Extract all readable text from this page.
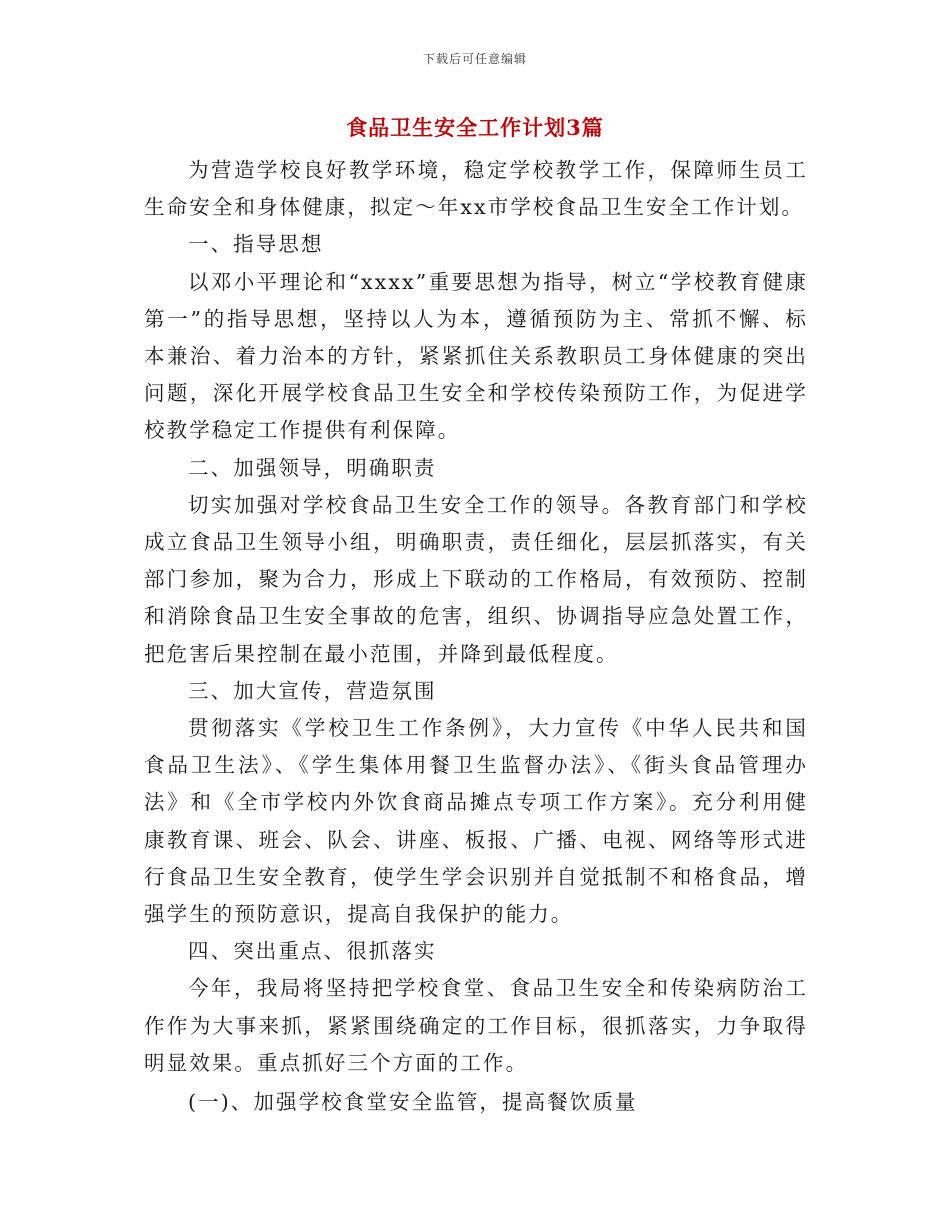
下载后可任意编辑
食品卫生安全工作计划3篇

为营造学校良好教学环境，稳定学校教学工作，保障师生员工生命安全和身体健康，拟定～年xx市学校食品卫生安全工作计划。

一、指导思想

以邓小平理论和“xxxx”重要思想为指导，树立“学校教育健康第一”的指导思想，坚持以人为本，遵循预防为主、常抓不懈、标本兼治、着力治本的方针，紧紧抓住关系教职员工身体健康的突出问题，深化开展学校食品卫生安全和学校传染预防工作，为促进学校教学稳定工作提供有利保障。

二、加强领导，明确职责

切实加强对学校食品卫生安全工作的领导。各教育部门和学校成立食品卫生领导小组，明确职责，责任细化，层层抓落实，有关部门参加，聚为合力，形成上下联动的工作格局，有效预防、控制和消除食品卫生安全事故的危害，组织、协调指导应急处置工作，把危害后果控制在最小范围，并降到最低程度。

三、加大宣传，营造氛围

贯彻落实《学校卫生工作条例》，大力宣传《中华人民共和国食品卫生法》、《学生集体用餐卫生监督办法》、《街头食品管理办法》和《全市学校内外饮食商品摊点专项工作方案》。充分利用健康教育课、班会、队会、讲座、板报、广播、电视、网络等形式进行食品卫生安全教育，使学生学会识别并自觉抵制不和格食品，增强学生的预防意识，提高自我保护的能力。

四、突出重点、很抓落实

今年，我局将坚持把学校食堂、食品卫生安全和传染病防治工作作为大事来抓，紧紧围绕确定的工作目标，很抓落实，力争取得明显效果。重点抓好三个方面的工作。

(一)、加强学校食堂安全监管，提高餐饮质量
